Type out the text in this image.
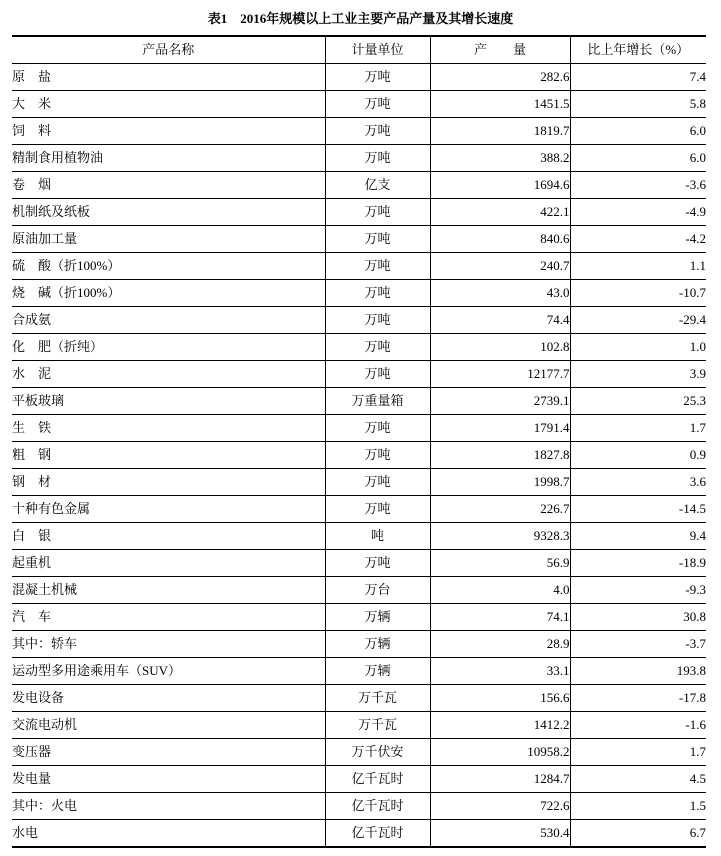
表1　2016年规模以上工业主要产品产量及其增长速度
产品名称	计量单位	产　　量	比上年增长（%）
原　盐	万吨	282.6	7.4
大　米	万吨	1451.5	5.8
饲　料	万吨	1819.7	6.0
精制食用植物油	万吨	388.2	6.0
卷　烟	亿支	1694.6	-3.6
机制纸及纸板	万吨	422.1	-4.9
原油加工量	万吨	840.6	-4.2
硫　酸（折100%）	万吨	240.7	1.1
烧　碱（折100%）	万吨	43.0	-10.7
合成氨	万吨	74.4	-29.4
化　肥（折纯）	万吨	102.8	1.0
水　泥	万吨	12177.7	3.9
平板玻璃	万重量箱	2739.1	25.3
生　铁	万吨	1791.4	1.7
粗　钢	万吨	1827.8	0.9
钢　材	万吨	1998.7	3.6
十种有色金属	万吨	226.7	-14.5
白　银	吨	9328.3	9.4
起重机	万吨	56.9	-18.9
混凝土机械	万台	4.0	-9.3
汽　车	万辆	74.1	30.8
其中：轿车	万辆	28.9	-3.7
运动型多用途乘用车（SUV）	万辆	33.1	193.8
发电设备	万千瓦	156.6	-17.8
交流电动机	万千瓦	1412.2	-1.6
变压器	万千伏安	10958.2	1.7
发电量	亿千瓦时	1284.7	4.5
其中：火电	亿千瓦时	722.6	1.5
水电	亿千瓦时	530.4	6.7
